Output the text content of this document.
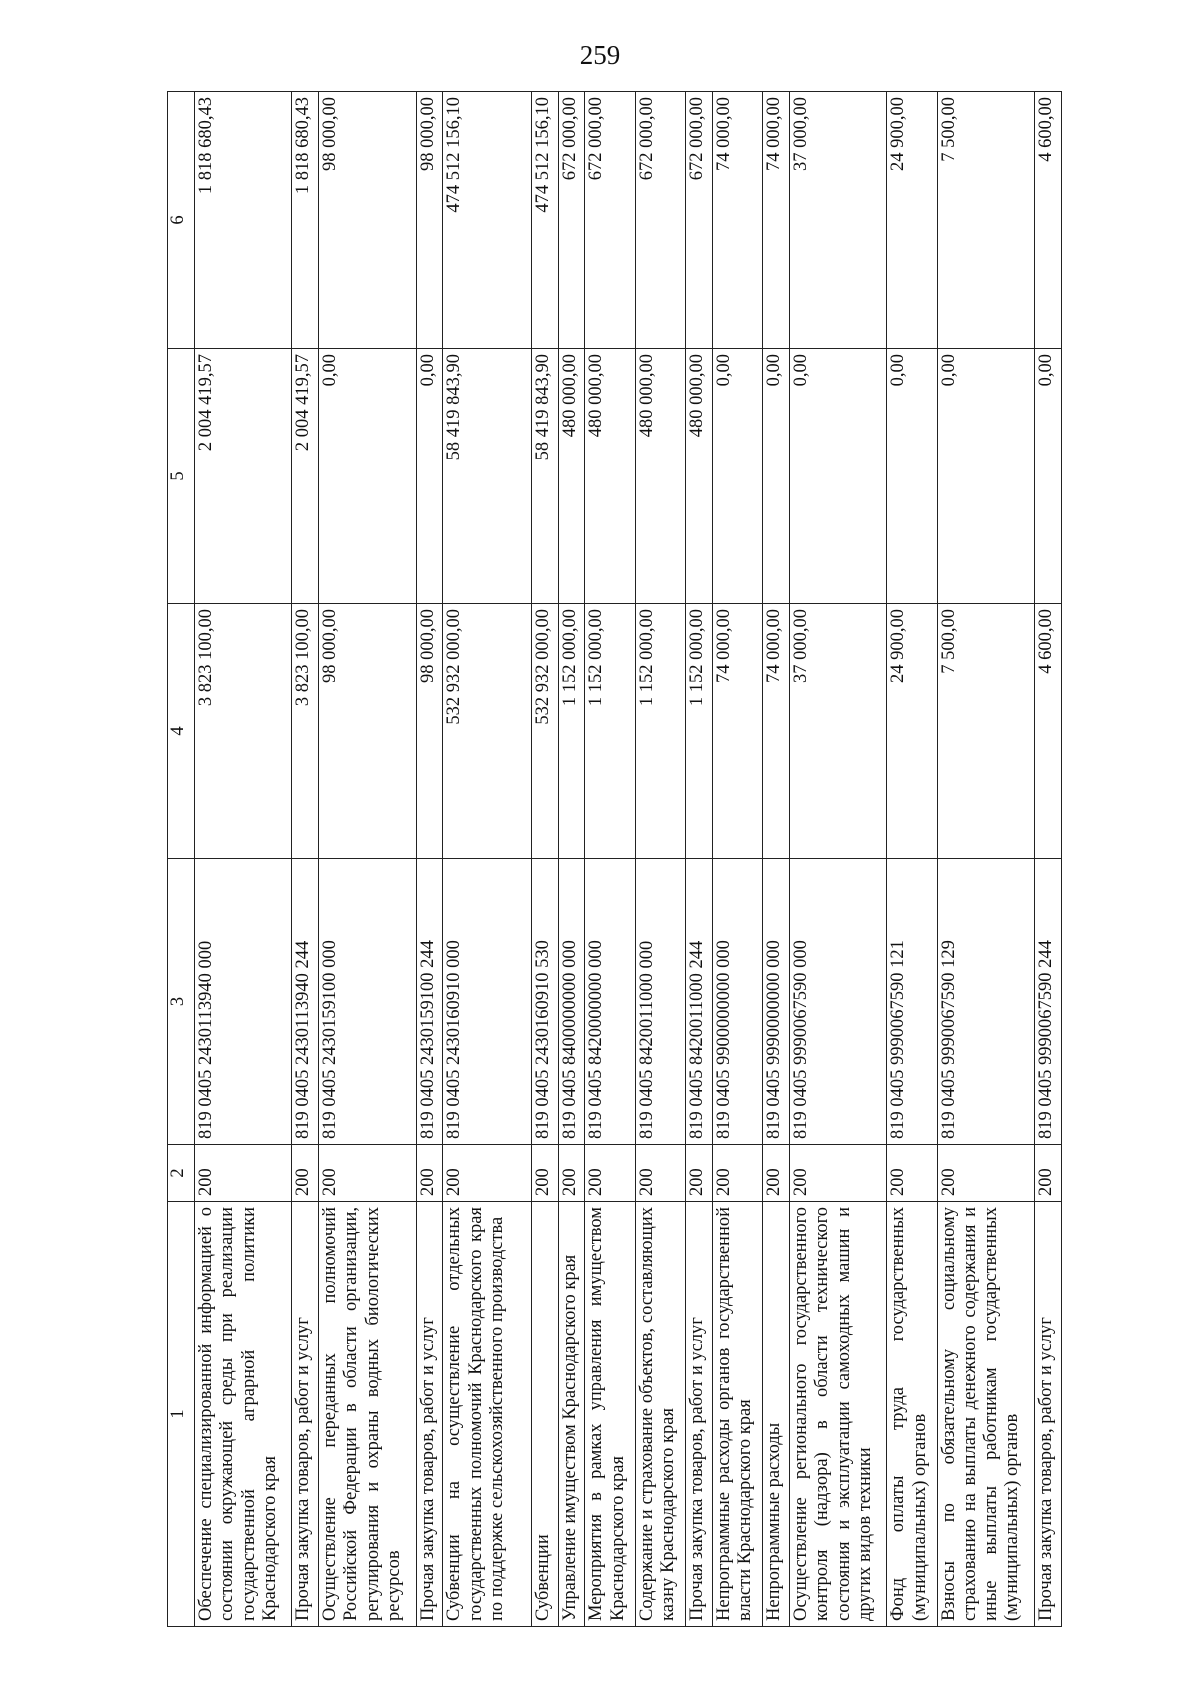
259
1	2	3	4	5	6
Обеспечение специализированной информацией о состоянии окружающей среды при реализации государственной аграрной политики Краснодарского края	200	819 0405 2430113940 000	3 823 100,00	2 004 419,57	1 818 680,43
Прочая закупка товаров, работ и услуг	200	819 0405 2430113940 244	3 823 100,00	2 004 419,57	1 818 680,43
Осуществление переданных полномочий Российской Федерации в области организации, регулирования и охраны водных биологических ресурсов	200	819 0405 2430159100 000	98 000,00	0,00	98 000,00
Прочая закупка товаров, работ и услуг	200	819 0405 2430159100 244	98 000,00	0,00	98 000,00
Субвенции на осуществление отдельных государственных полномочий Краснодарского края по поддержке сельскохозяйственного производства	200	819 0405 2430160910 000	532 932 000,00	58 419 843,90	474 512 156,10
Субвенции	200	819 0405 2430160910 530	532 932 000,00	58 419 843,90	474 512 156,10
Управление имуществом Краснодарского края	200	819 0405 8400000000 000	1 152 000,00	480 000,00	672 000,00
Мероприятия в рамках управления имуществом Краснодарского края	200	819 0405 8420000000 000	1 152 000,00	480 000,00	672 000,00
Содержание и страхование объектов, составляющих казну Краснодарского края	200	819 0405 8420011000 000	1 152 000,00	480 000,00	672 000,00
Прочая закупка товаров, работ и услуг	200	819 0405 8420011000 244	1 152 000,00	480 000,00	672 000,00
Непрограммные расходы органов государственной власти Краснодарского края	200	819 0405 9900000000 000	74 000,00	0,00	74 000,00
Непрограммные расходы	200	819 0405 9990000000 000	74 000,00	0,00	74 000,00
Осуществление регионального государственного контроля (надзора) в области технического состояния и эксплуатации самоходных машин и других видов техники	200	819 0405 9990067590 000	37 000,00	0,00	37 000,00
Фонд оплаты труда государственных (муниципальных) органов	200	819 0405 9990067590 121	24 900,00	0,00	24 900,00
Взносы по обязательному социальному страхованию на выплаты денежного содержания и иные выплаты работникам государственных (муниципальных) органов	200	819 0405 9990067590 129	7 500,00	0,00	7 500,00
Прочая закупка товаров, работ и услуг	200	819 0405 9990067590 244	4 600,00	0,00	4 600,00
